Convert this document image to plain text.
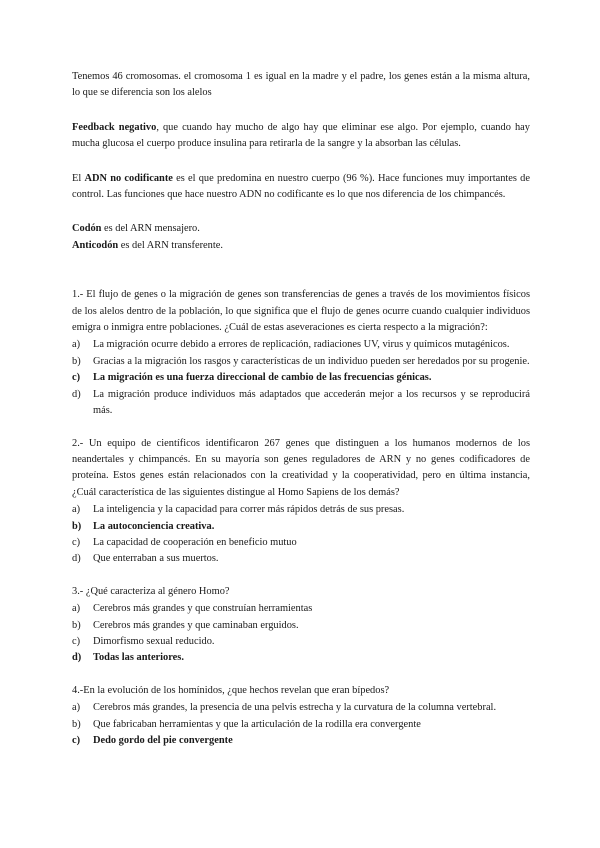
Tenemos 46 cromosomas. el cromosoma 1 es igual en la madre y el padre, los genes están a la misma altura, lo que se diferencia son los alelos

Feedback negativo, que cuando hay mucho de algo hay que eliminar ese algo. Por ejemplo, cuando hay mucha glucosa el cuerpo produce insulina para retirarla de la sangre y la absorban las células.

El ADN no codificante es el que predomina en nuestro cuerpo (96 %). Hace funciones muy importantes de control. Las funciones que hace nuestro ADN no codificante es lo que nos diferencia de los chimpancés.

Codón es del ARN mensajero.

Anticodón es del ARN transferente.

1.- El flujo de genes o la migración de genes son transferencias de genes a través de los movimientos físicos de los alelos dentro de la población, lo que significa que el flujo de genes ocurre cuando cualquier individuos emigra o inmigra entre poblaciones. ¿Cuál de estas aseveraciones es cierta respecto a la migración?:

a)	La migración ocurre debido a errores de replicación, radiaciones UV, virus y químicos mutagénicos.

b)	Gracias a la migración los rasgos y características de un individuo pueden ser heredados por su progenie.

c)	La migración es una fuerza direccional de cambio de las frecuencias génicas.

d)	La migración produce individuos más adaptados que accederán mejor a los recursos y se reproducirá más.

2.- Un equipo de científicos identificaron 267 genes que distinguen a los humanos modernos de los neandertales y chimpancés. En su mayoría son genes reguladores de ARN y no genes codificadores de proteína. Estos genes están relacionados con la creatividad y la cooperatividad, pero en última instancia, ¿Cuál característica de las siguientes distingue al Homo Sapiens de los demás?

a)	La inteligencia y la capacidad para correr más rápidos detrás de sus presas.

b)	La autoconciencia creativa.

c)	La capacidad de cooperación en beneficio mutuo

d)	Que enterraban a sus muertos.

3.- ¿Qué caracteriza al género Homo?

a)	Cerebros más grandes y que construían herramientas

b)	Cerebros más grandes y que caminaban erguidos.

c)	Dimorfismo sexual reducido.

d)	Todas las anteriores.

4.-En la evolución de los homínidos, ¿que hechos revelan que eran bípedos?

a)	Cerebros más grandes, la presencia de una pelvis estrecha y la curvatura de la columna vertebral.

b)	Que fabricaban herramientas y que la articulación de la rodilla era convergente

c)	Dedo gordo del pie convergente
